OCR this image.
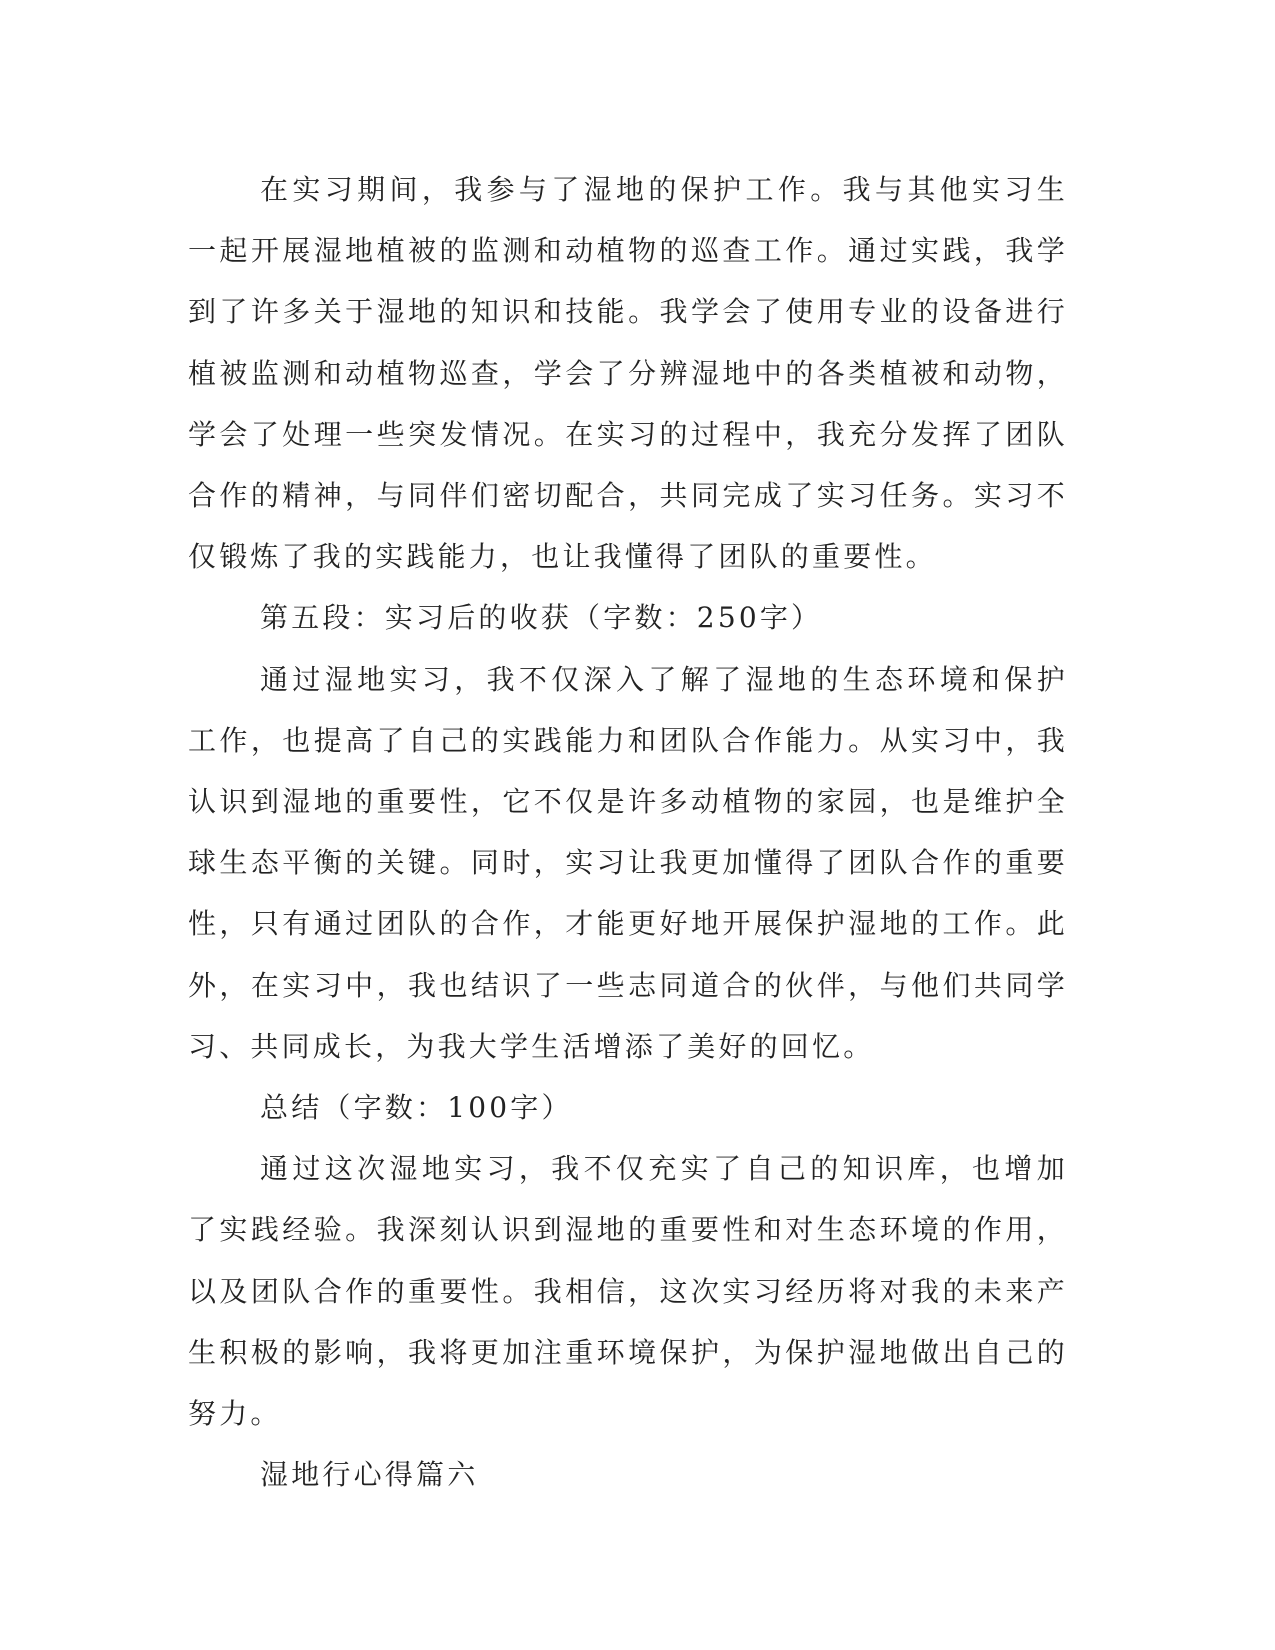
在实习期间，我参与了湿地的保护工作。我与其他实习生一起开展湿地植被的监测和动植物的巡查工作。通过实践，我学到了许多关于湿地的知识和技能。我学会了使用专业的设备进行植被监测和动植物巡查，学会了分辨湿地中的各类植被和动物，学会了处理一些突发情况。在实习的过程中，我充分发挥了团队合作的精神，与同伴们密切配合，共同完成了实习任务。实习不仅锻炼了我的实践能力，也让我懂得了团队的重要性。

第五段：实习后的收获（字数：250字）

通过湿地实习，我不仅深入了解了湿地的生态环境和保护工作，也提高了自己的实践能力和团队合作能力。从实习中，我认识到湿地的重要性，它不仅是许多动植物的家园，也是维护全球生态平衡的关键。同时，实习让我更加懂得了团队合作的重要性，只有通过团队的合作，才能更好地开展保护湿地的工作。此外，在实习中，我也结识了一些志同道合的伙伴，与他们共同学习、共同成长，为我大学生活增添了美好的回忆。

总结（字数：100字）

通过这次湿地实习，我不仅充实了自己的知识库，也增加了实践经验。我深刻认识到湿地的重要性和对生态环境的作用，以及团队合作的重要性。我相信，这次实习经历将对我的未来产生积极的影响，我将更加注重环境保护，为保护湿地做出自己的努力。

湿地行心得篇六
